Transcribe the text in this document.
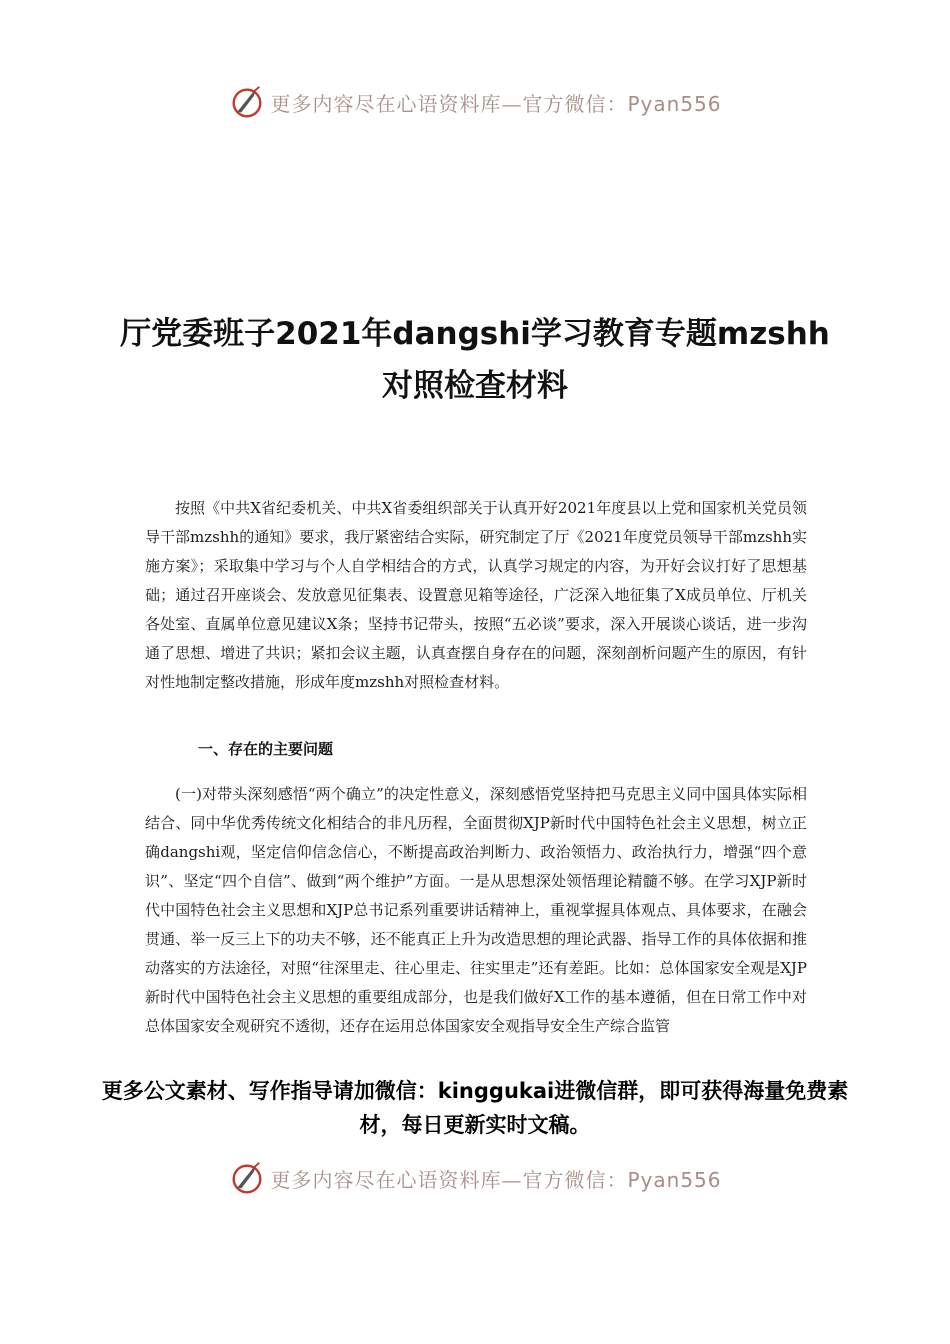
更多内容尽在心语资料库—官方微信：Pyan556
厅党委班子2021年dangshi学习教育专题mzshh对照检查材料
按照《中共X省纪委机关、中共X省委组织部关于认真开好2021年度县以上党和国家机关党员领导干部mzshh的通知》要求，我厅紧密结合实际，研究制定了厅《2021年度党员领导干部mzshh实施方案》；采取集中学习与个人自学相结合的方式，认真学习规定的内容，为开好会议打好了思想基础；通过召开座谈会、发放意见征集表、设置意见箱等途径，广泛深入地征集了X成员单位、厅机关各处室、直属单位意见建议X条；坚持书记带头，按照“五必谈”要求，深入开展谈心谈话，进一步沟通了思想、增进了共识；紧扣会议主题，认真查摆自身存在的问题，深刻剖析问题产生的原因，有针对性地制定整改措施，形成年度mzshh对照检查材料。
一、存在的主要问题
(一)对带头深刻感悟“两个确立”的决定性意义，深刻感悟党坚持把马克思主义同中国具体实际相结合、同中华优秀传统文化相结合的非凡历程，全面贯彻XJP新时代中国特色社会主义思想，树立正确dangshi观，坚定信仰信念信心，不断提高政治判断力、政治领悟力、政治执行力，增强“四个意识”、坚定“四个自信”、做到“两个维护”方面。一是从思想深处领悟理论精髓不够。在学习XJP新时代中国特色社会主义思想和XJP总书记系列重要讲话精神上，重视掌握具体观点、具体要求，在融会贯通、举一反三上下的功夫不够，还不能真正上升为改造思想的理论武器、指导工作的具体依据和推动落实的方法途径，对照“往深里走、往心里走、往实里走”还有差距。比如：总体国家安全观是XJP新时代中国特色社会主义思想的重要组成部分，也是我们做好X工作的基本遵循，但在日常工作中对总体国家安全观研究不透彻，还存在运用总体国家安全观指导安全生产综合监管
更多公文素材、写作指导请加微信：kinggukai进微信群，即可获得海量免费素材，每日更新实时文稿。
更多内容尽在心语资料库—官方微信：Pyan556
